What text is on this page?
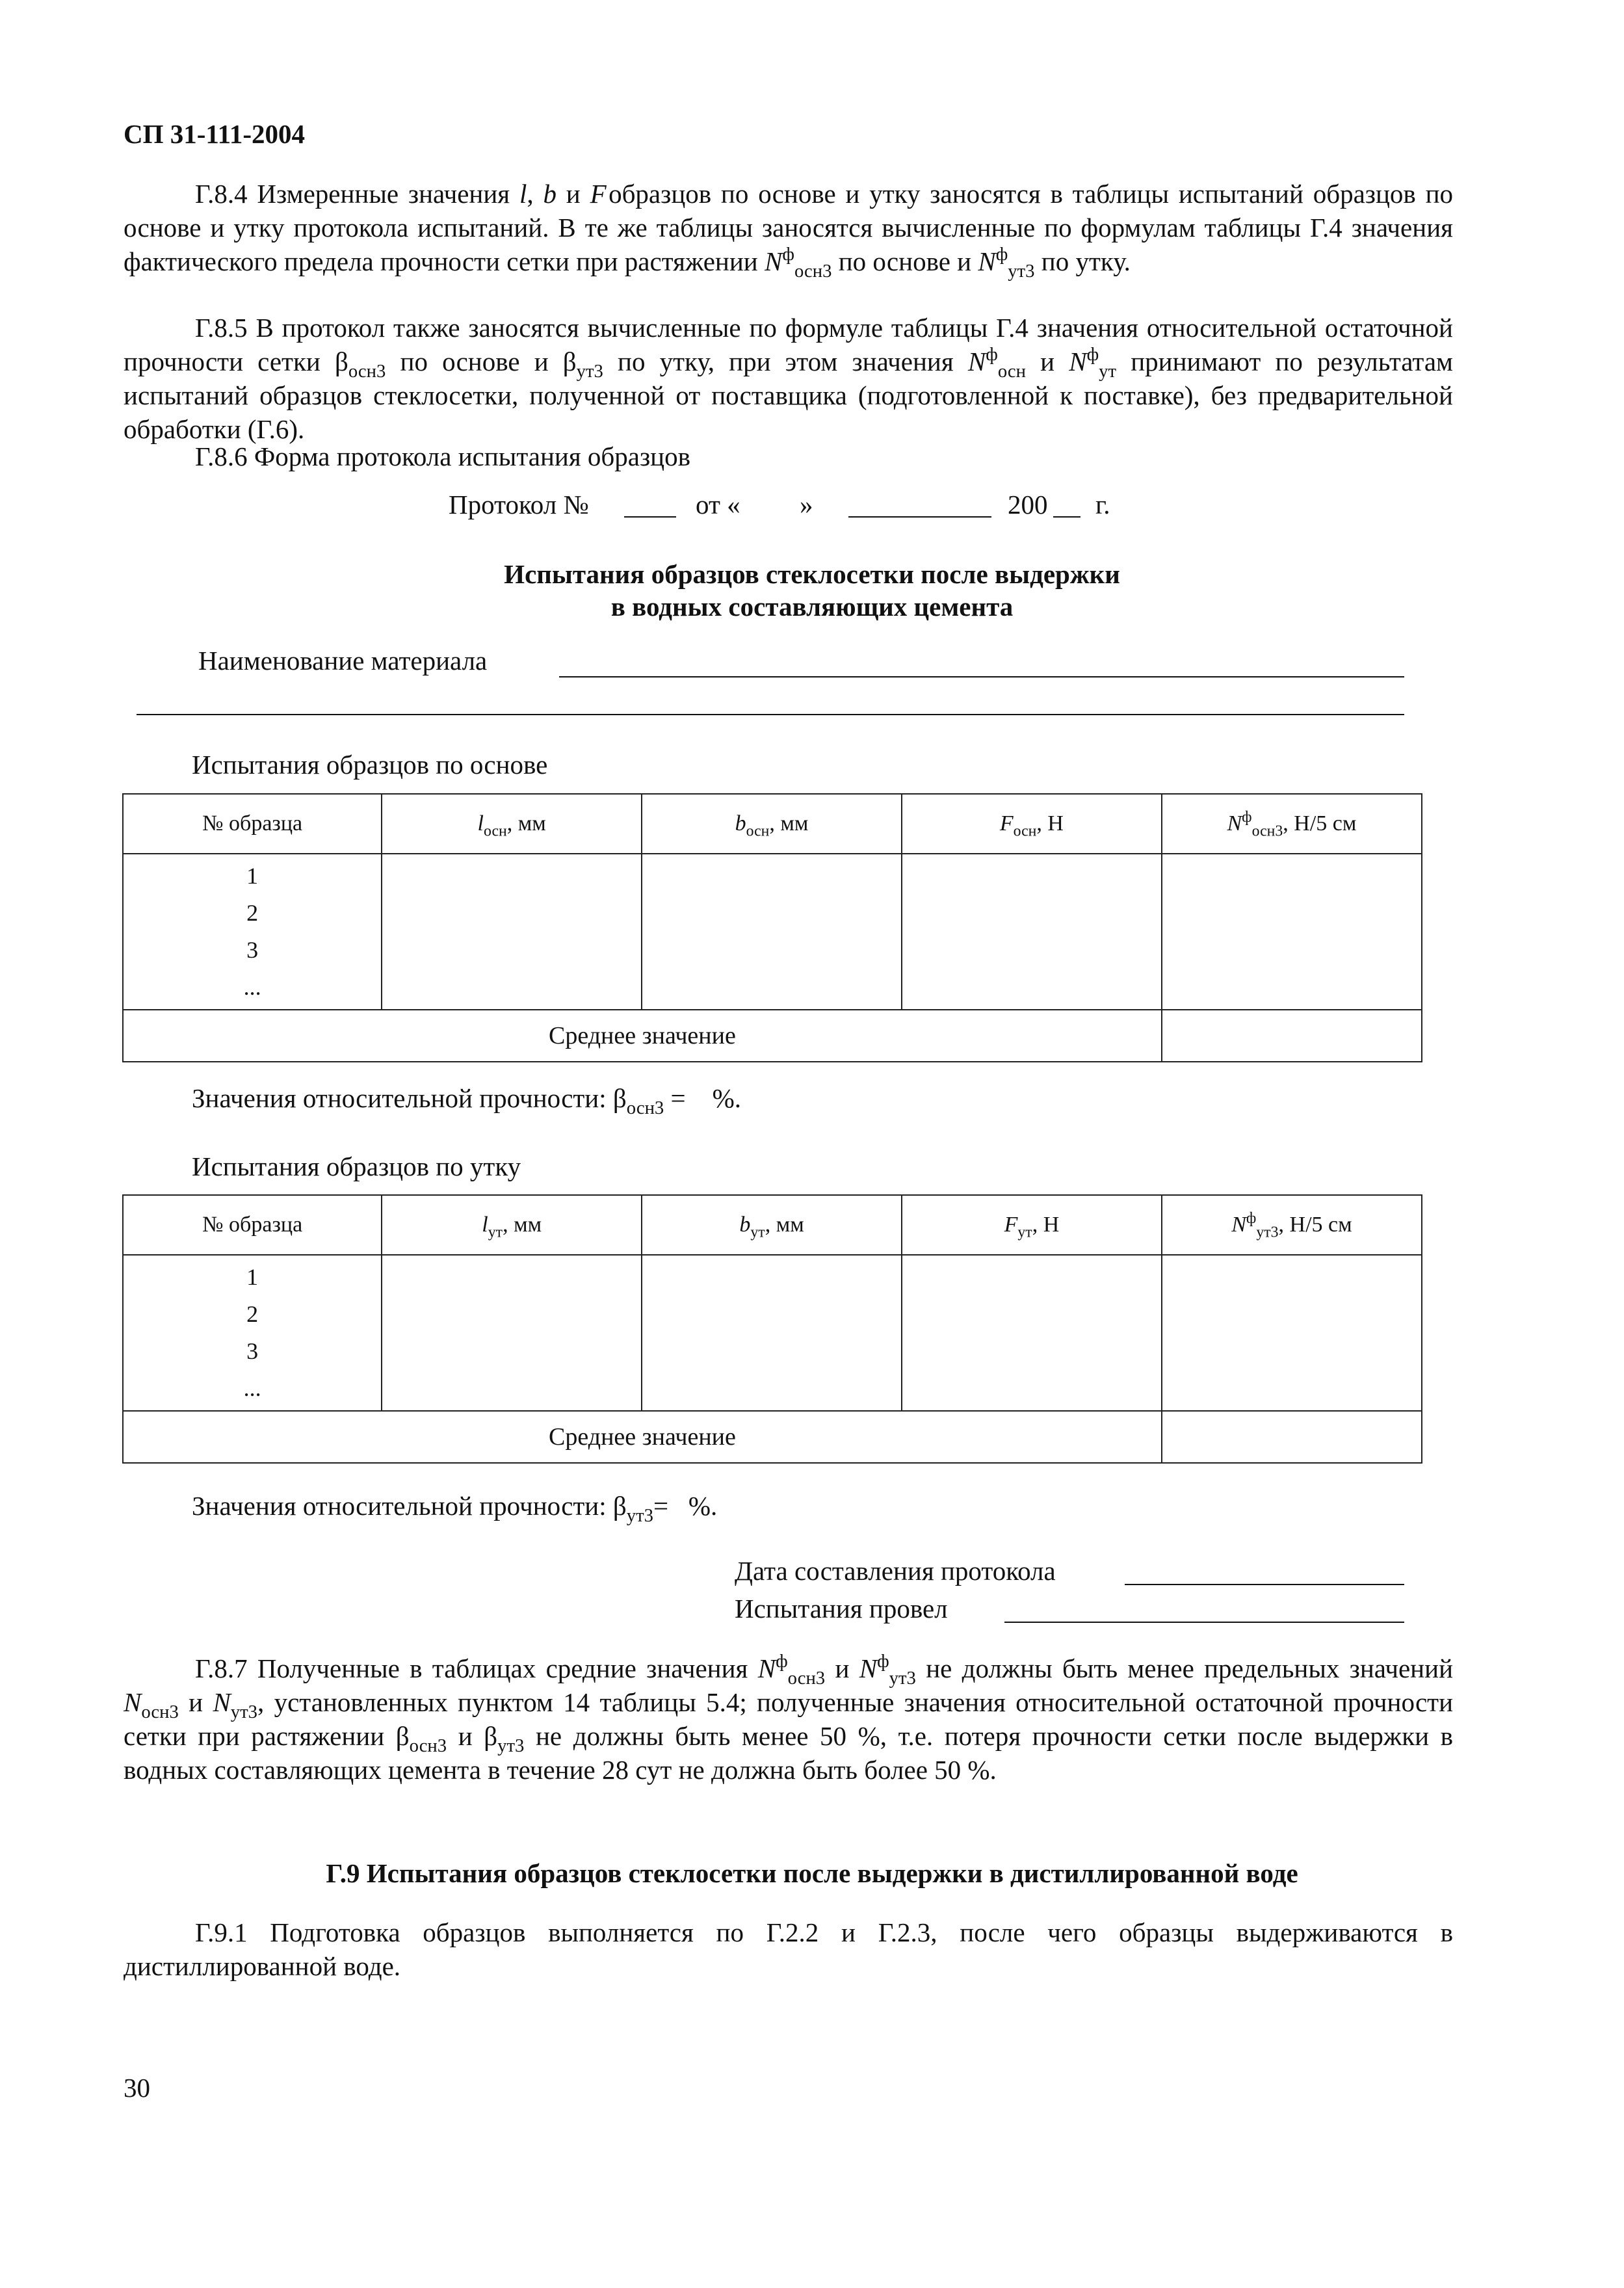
СП 31-111-2004
Г.8.4 Измеренные значения l, b и F образцов по основе и утку заносятся в таблицы испытаний образцов по основе и утку протокола испытаний. В те же таблицы заносятся вычисленные по формулам таблицы Г.4 значения фактического предела прочности сетки при растяжении $N^ф_{осн3}$ по основе и $N^ф_{ут3}$ по утку.
Г.8.5 В протокол также заносятся вычисленные по формуле таблицы Г.4 значения относительной остаточной прочности сетки $\beta_{осн3}$ по основе и $\beta_{ут3}$ по утку, при этом значения $N^ф_{осн}$ и $N^ф_{ут}$ принимают по результатам испытаний образцов стеклосетки, полученной от поставщика (подготовленной к поставке), без предварительной обработки (Г.6).
Г.8.6 Форма протокола испытания образцов
Протокол №	от « »	200 г.
Испытания образцов стеклосетки после выдержки
в водных составляющих цемента
Наименование материала
Испытания образцов по основе
№ образца	$l_{осн}$, мм	$b_{осн}$, мм	$F_{осн}$, Н	$N^ф_{осн3}$, Н/5 см

1
2
3
...				

Среднее значение				
Значения относительной прочности: $\beta_{осн3}$ = %.
Испытания образцов по утку
№ образца	$l_{ут}$, мм	$b_{ут}$, мм	$F_{ут}$, Н	$N^ф_{ут3}$, Н/5 см

1
2
3
...				

Среднее значение				
Значения относительной прочности: $\beta_{ут3}=$ %.
Дата составления протокола
Испытания провел
Г.8.7 Полученные в таблицах средние значения $N^ф_{осн3}$ и $N^ф_{ут3}$ не должны быть менее предельных значений $N_{осн3}$ и $N_{ут3}$, установленных пунктом 14 таблицы 5.4; полученные значения относительной остаточной прочности сетки при растяжении $\beta_{осн3}$ и $\beta_{ут3}$ не должны быть менее 50 %, т.е. потеря прочности сетки после выдержки в водных составляющих цемента в течение 28 сут не должна быть более 50 %.
Г.9 Испытания образцов стеклосетки после выдержки в дистиллированной воде
Г.9.1 Подготовка образцов выполняется по Г.2.2 и Г.2.3, после чего образцы выдерживаются в дистиллированной воде.
30
